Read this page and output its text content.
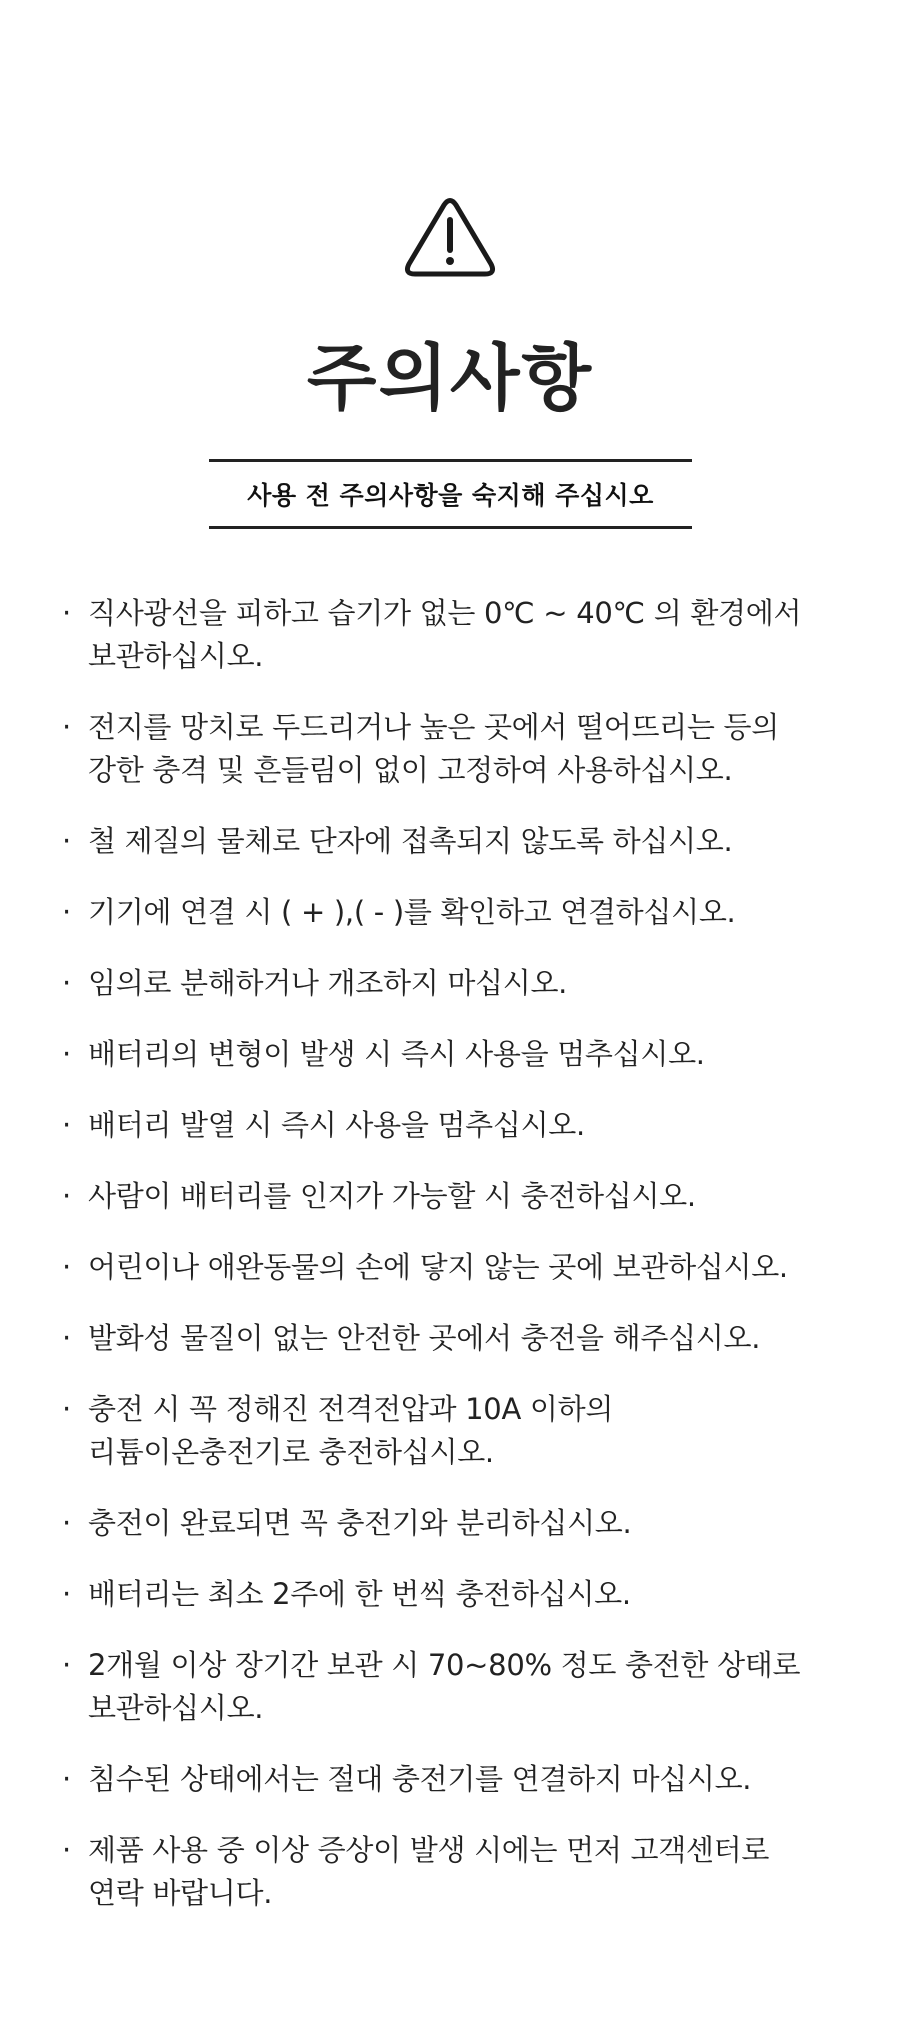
주의사항
사용 전 주의사항을 숙지해 주십시오
· 직사광선을 피하고 습기가 없는 0℃ ~ 40℃ 의 환경에서
보관하십시오.
· 전지를 망치로 두드리거나 높은 곳에서 떨어뜨리는 등의
강한 충격 및 흔들림이 없이 고정하여 사용하십시오.
· 철 제질의 물체로 단자에 접촉되지 않도록 하십시오.
· 기기에 연결 시 ( + ),( - )를 확인하고 연결하십시오.
· 임의로 분해하거나 개조하지 마십시오.
· 배터리의 변형이 발생 시 즉시 사용을 멈추십시오.
· 배터리 발열 시 즉시 사용을 멈추십시오.
· 사람이 배터리를 인지가 가능할 시 충전하십시오.
· 어린이나 애완동물의 손에 닿지 않는 곳에 보관하십시오.
· 발화성 물질이 없는 안전한 곳에서 충전을 해주십시오.
· 충전 시 꼭 정해진 전격전압과 10A 이하의
리튬이온충전기로 충전하십시오.
· 충전이 완료되면 꼭 충전기와 분리하십시오.
· 배터리는 최소 2주에 한 번씩 충전하십시오.
· 2개월 이상 장기간 보관 시 70~80% 정도 충전한 상태로
보관하십시오.
· 침수된 상태에서는 절대 충전기를 연결하지 마십시오.
· 제품 사용 중 이상 증상이 발생 시에는 먼저 고객센터로
연락 바랍니다.
